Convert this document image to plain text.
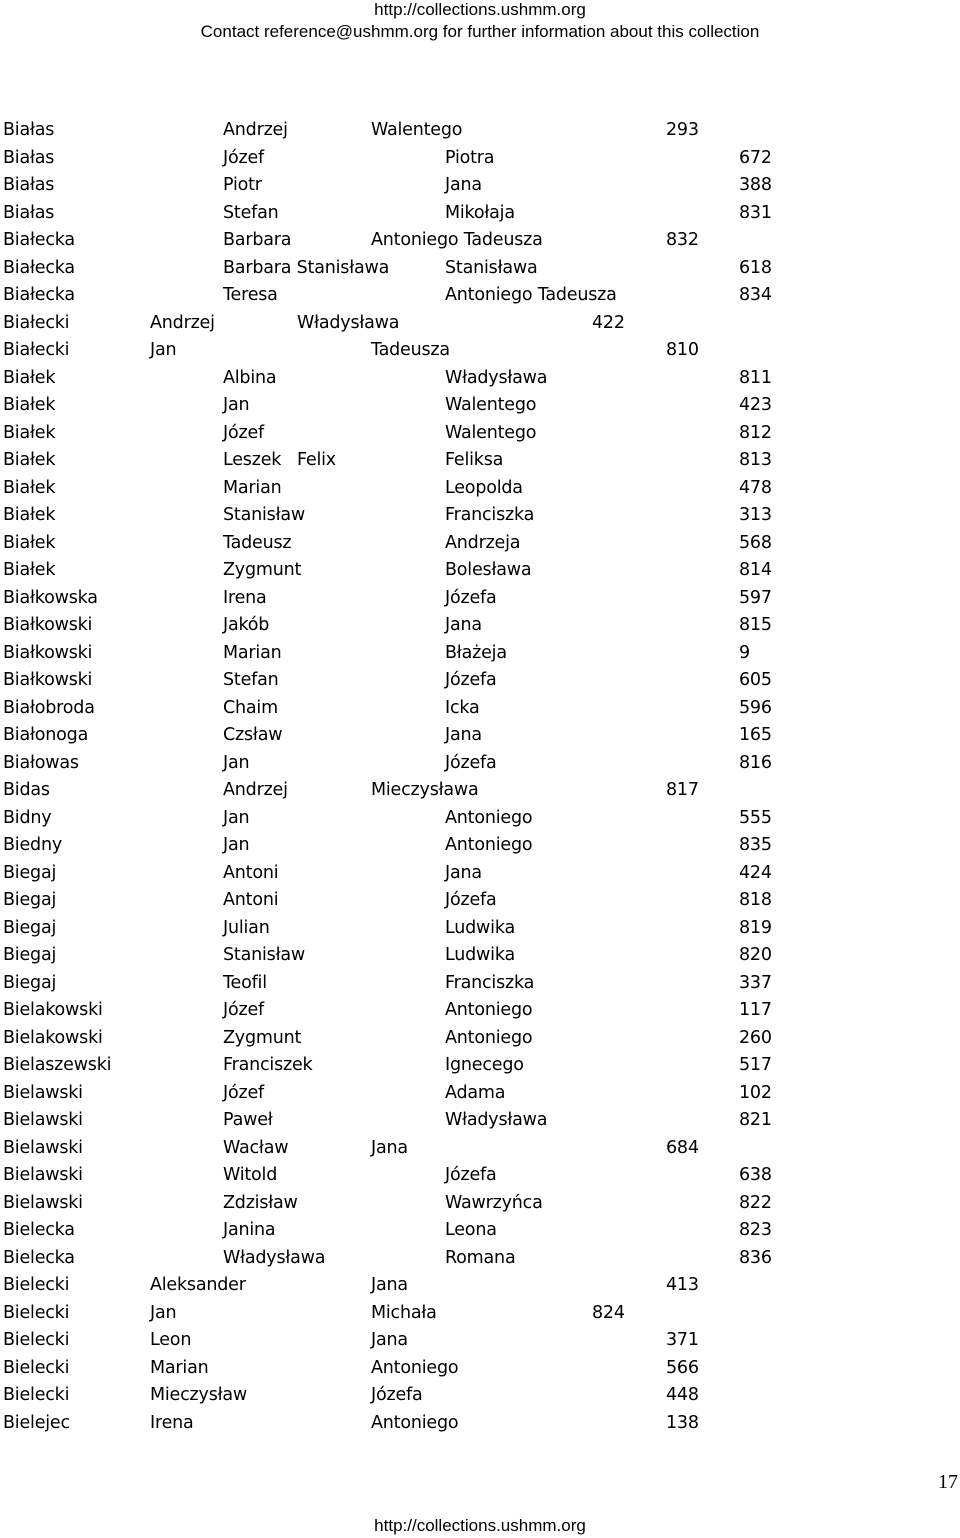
http://collections.ushmm.org
Contact reference@ushmm.org for further information about this collection
Białas	Andrzej	Walentego	293
Białas	Józef	Piotra	672
Białas	Piotr	Jana	388
Białas	Stefan	Mikołaja	831
Białecka	Barbara	Antoniego Tadeusza	832
Białecka	Barbara Stanisława	Stanisława	618
Białecka	Teresa	Antoniego Tadeusza	834
Białecki	Andrzej	Władysława	422
Białecki	Jan	Tadeusza	810
Białek	Albina	Władysława	811
Białek	Jan	Walentego	423
Białek	Józef	Walentego	812
Białek	Leszek Felix	Feliksa	813
Białek	Marian	Leopolda	478
Białek	Stanisław	Franciszka	313
Białek	Tadeusz	Andrzeja	568
Białek	Zygmunt	Bolesława	814
Białkowska	Irena	Józefa	597
Białkowski	Jakób	Jana	815
Białkowski	Marian	Błażeja	9
Białkowski	Stefan	Józefa	605
Białobroda	Chaim	Icka	596
Białonoga	Czsław	Jana	165
Białowas	Jan	Józefa	816
Bidas	Andrzej	Mieczysława	817
Bidny	Jan	Antoniego	555
Biedny	Jan	Antoniego	835
Biegaj	Antoni	Jana	424
Biegaj	Antoni	Józefa	818
Biegaj	Julian	Ludwika	819
Biegaj	Stanisław	Ludwika	820
Biegaj	Teofil	Franciszka	337
Bielakowski	Józef	Antoniego	117
Bielakowski	Zygmunt	Antoniego	260
Bielaszewski	Franciszek	Ignecego	517
Bielawski	Józef	Adama	102
Bielawski	Paweł	Władysława	821
Bielawski	Wacław	Jana	684
Bielawski	Witold	Józefa	638
Bielawski	Zdzisław	Wawrzyńca	822
Bielecka	Janina	Leona	823
Bielecka	Władysława	Romana	836
Bielecki	Aleksander	Jana	413
Bielecki	Jan	Michała	824
Bielecki	Leon	Jana	371
Bielecki	Marian	Antoniego	566
Bielecki	Mieczysław	Józefa	448
Bielejec	Irena	Antoniego	138
17
http://collections.ushmm.org
